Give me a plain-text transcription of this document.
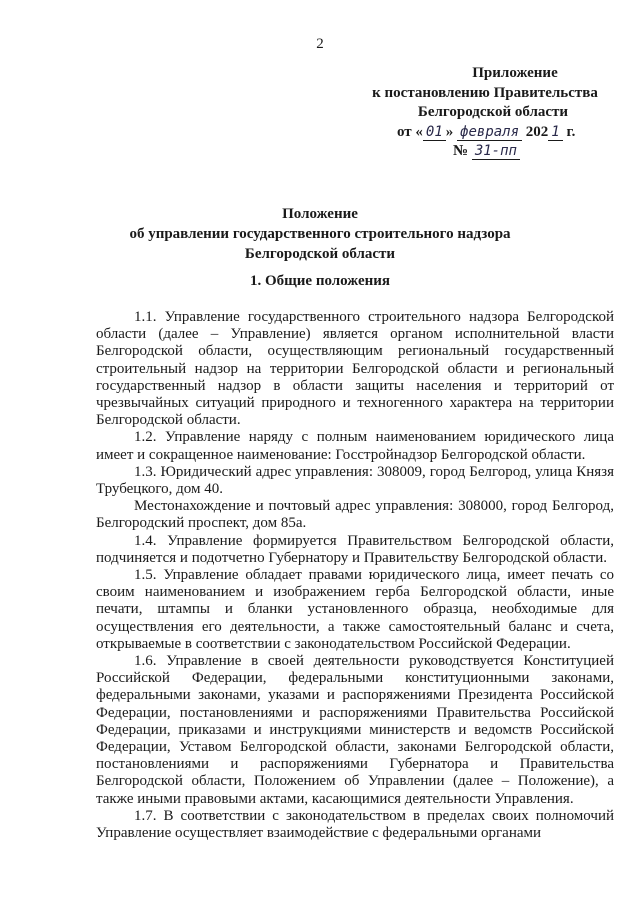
2
Приложение
к постановлению Правительства
Белгородской области
от « 01 » февраля 202 1 г.
№ 31-пп
Положение
об управлении государственного строительного надзора
Белгородской области
1. Общие положения

1.1. Управление государственного строительного надзора Белгородской области (далее – Управление) является органом исполнительной власти Белгородской области, осуществляющим региональный государственный строительный надзор на территории Белгородской области и региональный государственный надзор в области защиты населения и территорий от чрезвычайных ситуаций природного и техногенного характера на территории Белгородской области.

1.2. Управление наряду с полным наименованием юридического лица имеет и сокращенное наименование: Госстройнадзор Белгородской области.

1.3. Юридический адрес управления: 308009, город Белгород, улица Князя Трубецкого, дом 40.

Местонахождение и почтовый адрес управления: 308000, город Белгород, Белгородский проспект, дом 85а.

1.4. Управление формируется Правительством Белгородской области, подчиняется и подотчетно Губернатору и Правительству Белгородской области.

1.5. Управление обладает правами юридического лица, имеет печать со своим наименованием и изображением герба Белгородской области, иные печати, штампы и бланки установленного образца, необходимые для осуществления его деятельности, а также самостоятельный баланс и счета, открываемые в соответствии с законодательством Российской Федерации.

1.6. Управление в своей деятельности руководствуется Конституцией Российской Федерации, федеральными конституционными законами, федеральными законами, указами и распоряжениями Президента Российской Федерации, постановлениями и распоряжениями Правительства Российской Федерации, приказами и инструкциями министерств и ведомств Российской Федерации, Уставом Белгородской области, законами Белгородской области, постановлениями и распоряжениями Губернатора и Правительства Белгородской области, Положением об Управлении (далее – Положение), а также иными правовыми актами, касающимися деятельности Управления.

1.7. В соответствии с законодательством в пределах своих полномочий Управление осуществляет взаимодействие с федеральными органами
